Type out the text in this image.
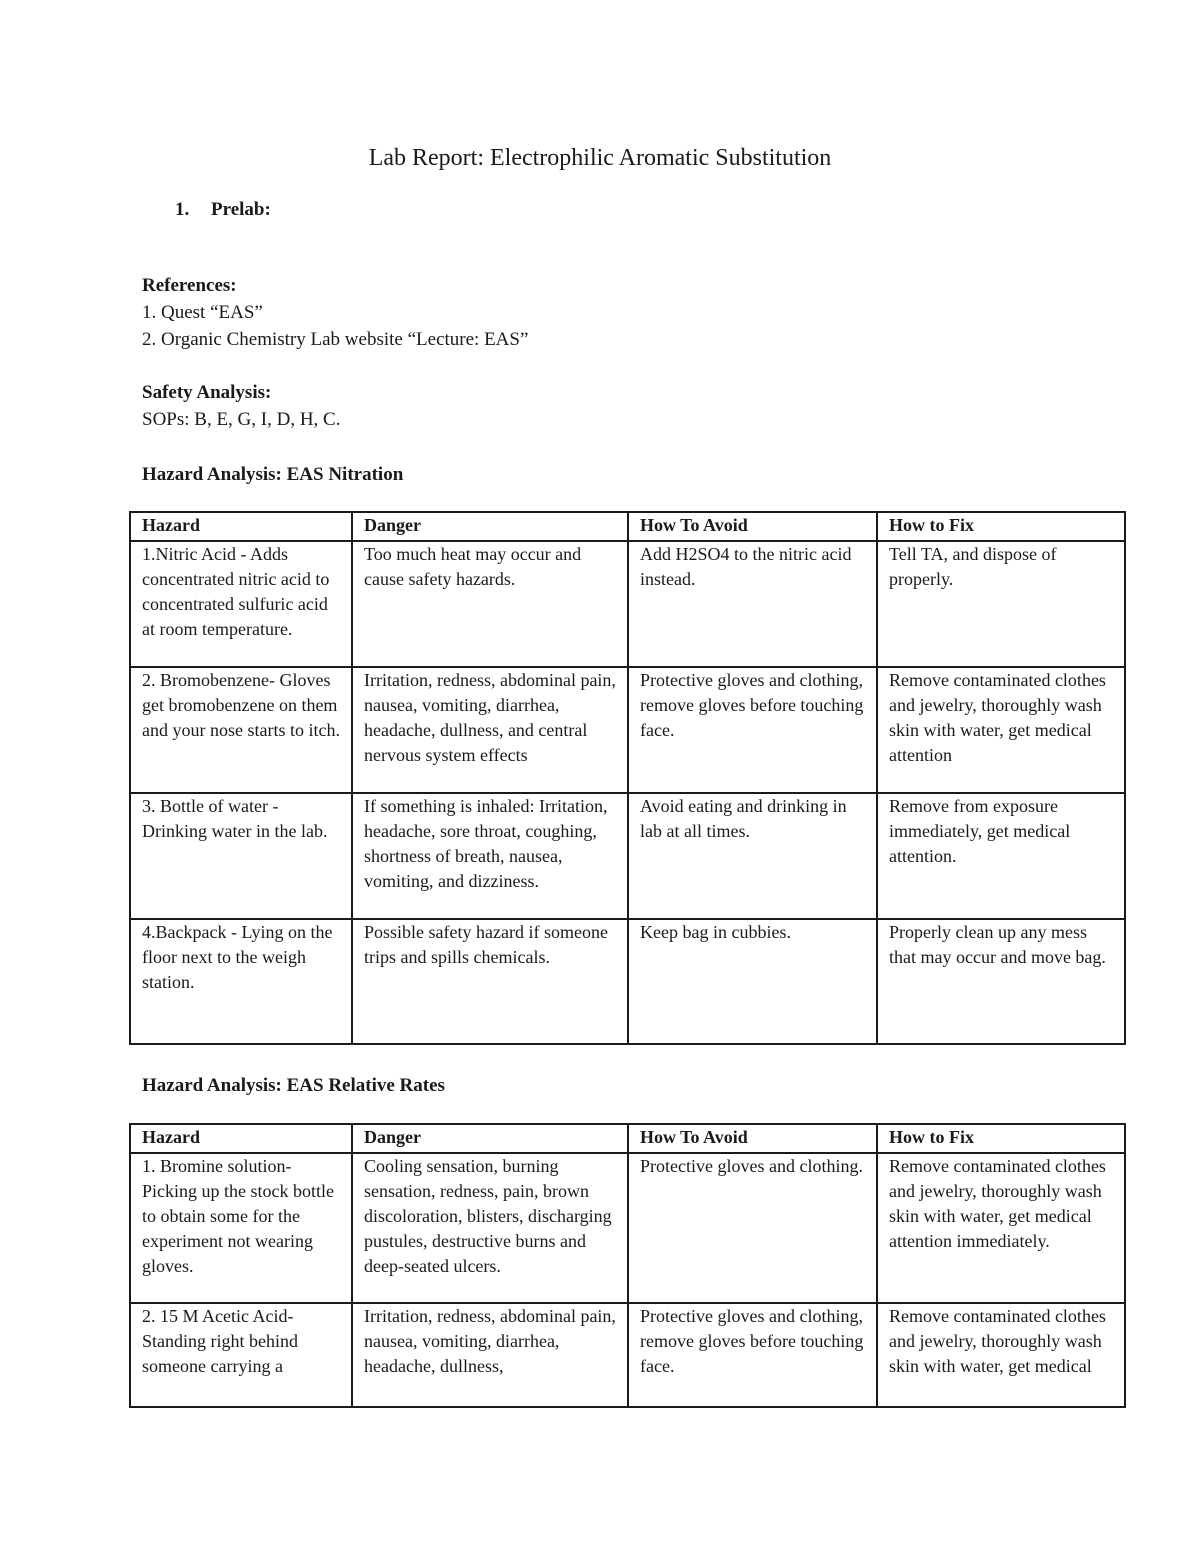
Lab Report: Electrophilic Aromatic Substitution
1. Prelab:
References:
1. Quest “EAS”
2. Organic Chemistry Lab website “Lecture: EAS”
Safety Analysis:
SOPs: B, E, G, I, D, H, C.
Hazard Analysis: EAS Nitration
Hazard	Danger	How To Avoid	How to Fix
1.Nitric Acid - Adds concentrated nitric acid to concentrated sulfuric acid at room temperature.	Too much heat may occur and cause safety hazards.	Add H2SO4 to the nitric acid instead.	Tell TA, and dispose of properly.
2. Bromobenzene- Gloves get bromobenzene on them and your nose starts to itch.	Irritation, redness, abdominal pain, nausea, vomiting, diarrhea, headache, dullness, and central nervous system effects	Protective gloves and clothing, remove gloves before touching face.	Remove contaminated clothes and jewelry, thoroughly wash skin with water, get medical attention
3. Bottle of water - Drinking water in the lab.	If something is inhaled: Irritation, headache, sore throat, coughing, shortness of breath, nausea, vomiting, and dizziness.	Avoid eating and drinking in lab at all times.	Remove from exposure immediately, get medical attention.
4.Backpack - Lying on the floor next to the weigh station.	Possible safety hazard if someone trips and spills chemicals.	Keep bag in cubbies.	Properly clean up any mess that may occur and move bag.
Hazard Analysis: EAS Relative Rates
Hazard	Danger	How To Avoid	How to Fix
1. Bromine solution- Picking up the stock bottle to obtain some for the experiment not wearing gloves.	Cooling sensation, burning sensation, redness, pain, brown discoloration, blisters, discharging pustules, destructive burns and deep-seated ulcers.	Protective gloves and clothing.	Remove contaminated clothes and jewelry, thoroughly wash skin with water, get medical attention immediately.
2. 15 M Acetic Acid- Standing right behind someone carrying a	Irritation, redness, abdominal pain, nausea, vomiting, diarrhea, headache, dullness,	Protective gloves and clothing, remove gloves before touching face.	Remove contaminated clothes and jewelry, thoroughly wash skin with water, get medical
